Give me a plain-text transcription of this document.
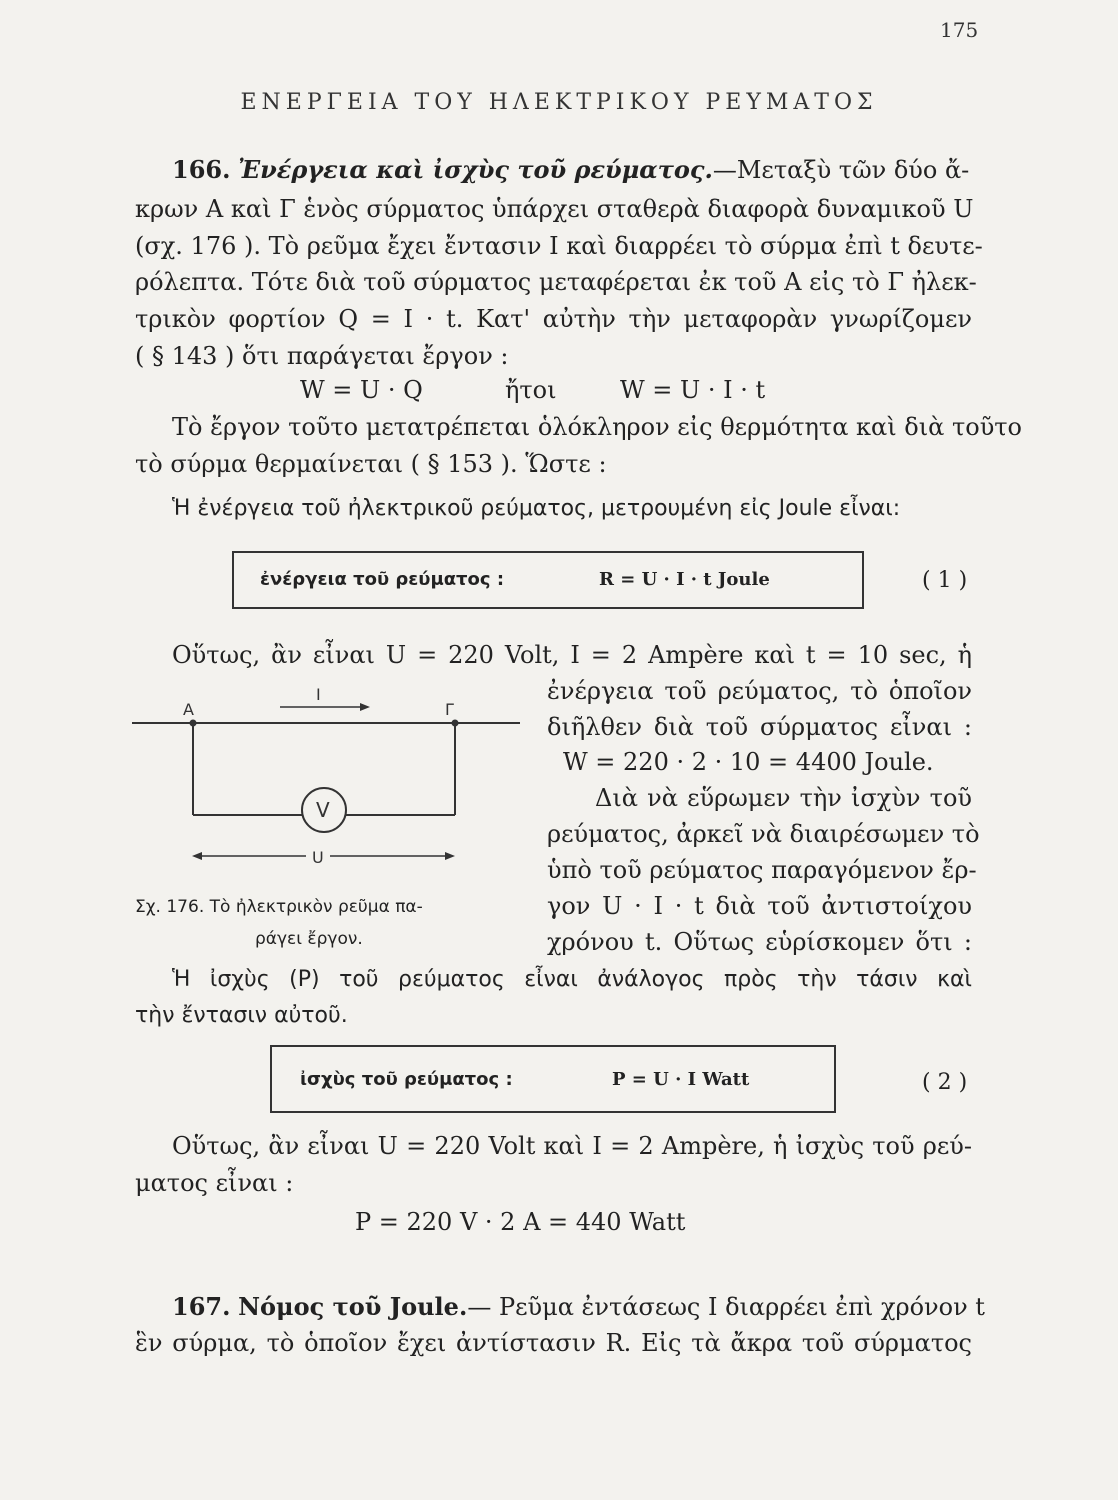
175
ΕΝΕΡΓΕΙΑ ΤΟΥ ΗΛΕΚΤΡΙΚΟΥ ΡΕΥΜΑΤΟΣ
166. Ἐνέργεια καὶ ἰσχὺς τοῦ ρεύματος.—Μεταξὺ τῶν δύο ἄ-
κρων Α καὶ Γ ἑνὸς σύρματος ὑπάρχει σταθερὰ διαφορὰ δυναμικοῦ U
(σχ. 176 ). Τὸ ρεῦμα ἔχει ἔντασιν I καὶ διαρρέει τὸ σύρμα ἐπὶ t δευτε-
ρόλεπτα. Τότε διὰ τοῦ σύρματος μεταφέρεται ἐκ τοῦ Α εἰς τὸ Γ ἠλεκ-
τρικὸν φορτίον Q = I · t. Κατ' αὐτὴν τὴν μεταφορὰν γνωρίζομεν
( § 143 ) ὅτι παράγεται ἔργον :
W = U · Q	ἤτοι	W = U · I · t
Τὸ ἔργον τοῦτο μετατρέπεται ὁλόκληρον εἰς θερμότητα καὶ διὰ τοῦτο
τὸ σύρμα θερμαίνεται ( § 153 ). Ὥστε :
Ἡ ἐνέργεια τοῦ ἠλεκτρικοῦ ρεύματος, μετρουμένη εἰς Joule εἶναι:
ἐνέργεια τοῦ ρεύματος :	R = U · I · t Joule	( 1 )
Οὕτως, ἂν εἶναι U = 220 Volt, I = 2 Ampère καὶ t = 10 sec, ἡ
Α	Γ
I
V
U
Σχ. 176. Τὸ ἠλεκτρικὸν ρεῦμα πα-
ράγει ἔργον.
ἐνέργεια τοῦ ρεύματος, τὸ ὁποῖον
διῆλθεν διὰ τοῦ σύρματος εἶναι :
W = 220 · 2 · 10 = 4400 Joule.
Διὰ νὰ εὕρωμεν τὴν ἰσχὺν τοῦ
ρεύματος, ἀρκεῖ νὰ διαιρέσωμεν τὸ
ὑπὸ τοῦ ρεύματος παραγόμενον ἔρ-
γον U · I · t διὰ τοῦ ἀντιστοίχου
χρόνου t. Οὕτως εὑρίσκομεν ὅτι :
Ἡ ἰσχὺς (P) τοῦ ρεύματος εἶναι ἀνάλογος πρὸς τὴν τάσιν καὶ
τὴν ἔντασιν αὐτοῦ.
ἰσχὺς τοῦ ρεύματος :	P = U · I Watt	( 2 )
Οὕτως, ἂν εἶναι U = 220 Volt καὶ I = 2 Ampère, ἡ ἰσχὺς τοῦ ρεύ-
ματος εἶναι :
P = 220 V · 2 A = 440 Watt
167. Νόμος τοῦ Joule.— Ρεῦμα ἐντάσεως I διαρρέει ἐπὶ χρόνον t
ἓν σύρμα, τὸ ὁποῖον ἔχει ἀντίστασιν R. Εἰς τὰ ἄκρα τοῦ σύρματος
